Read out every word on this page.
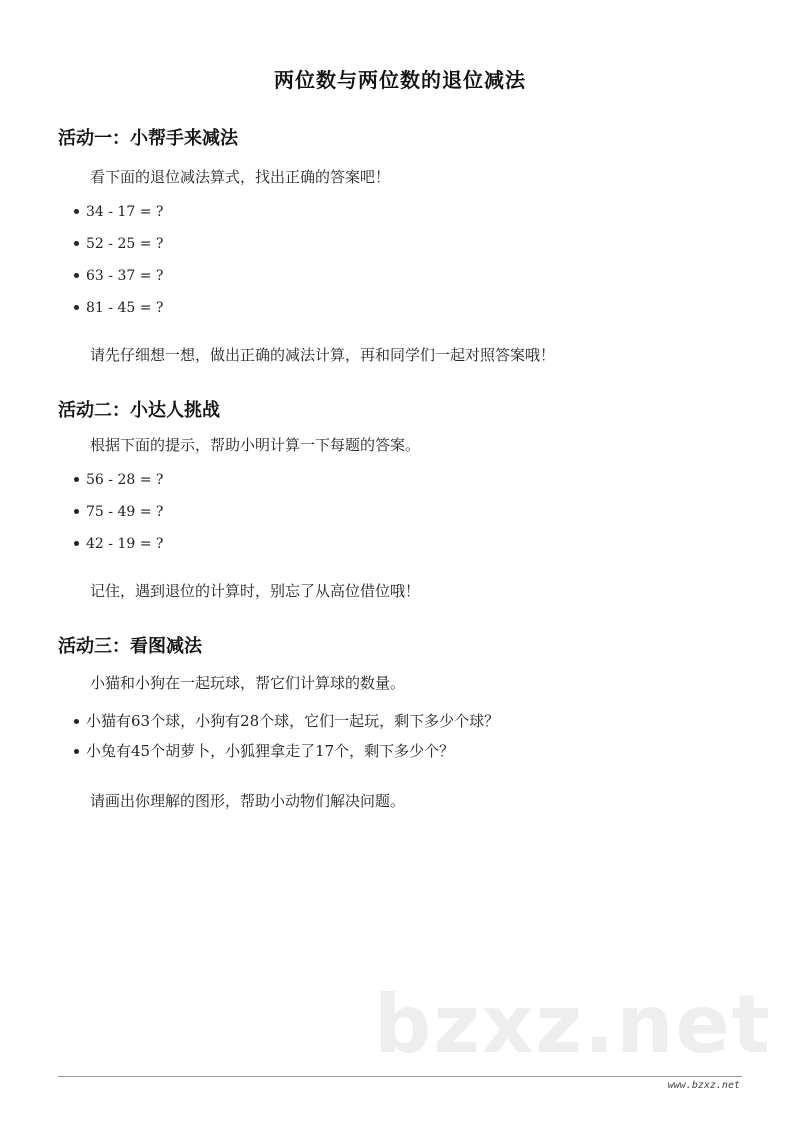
两位数与两位数的退位减法
活动一：小帮手来减法
看下面的退位减法算式，找出正确的答案吧！
34 - 17 = ?
52 - 25 = ?
63 - 37 = ?
81 - 45 = ?
请先仔细想一想，做出正确的减法计算，再和同学们一起对照答案哦！
活动二：小达人挑战
根据下面的提示，帮助小明计算一下每题的答案。
56 - 28 = ?
75 - 49 = ?
42 - 19 = ?
记住，遇到退位的计算时，别忘了从高位借位哦！
活动三：看图减法
小猫和小狗在一起玩球，帮它们计算球的数量。
小猫有63个球，小狗有28个球，它们一起玩，剩下多少个球？
小兔有45个胡萝卜，小狐狸拿走了17个，剩下多少个？
请画出你理解的图形，帮助小动物们解决问题。
bzxz.net
www.bzxz.net
